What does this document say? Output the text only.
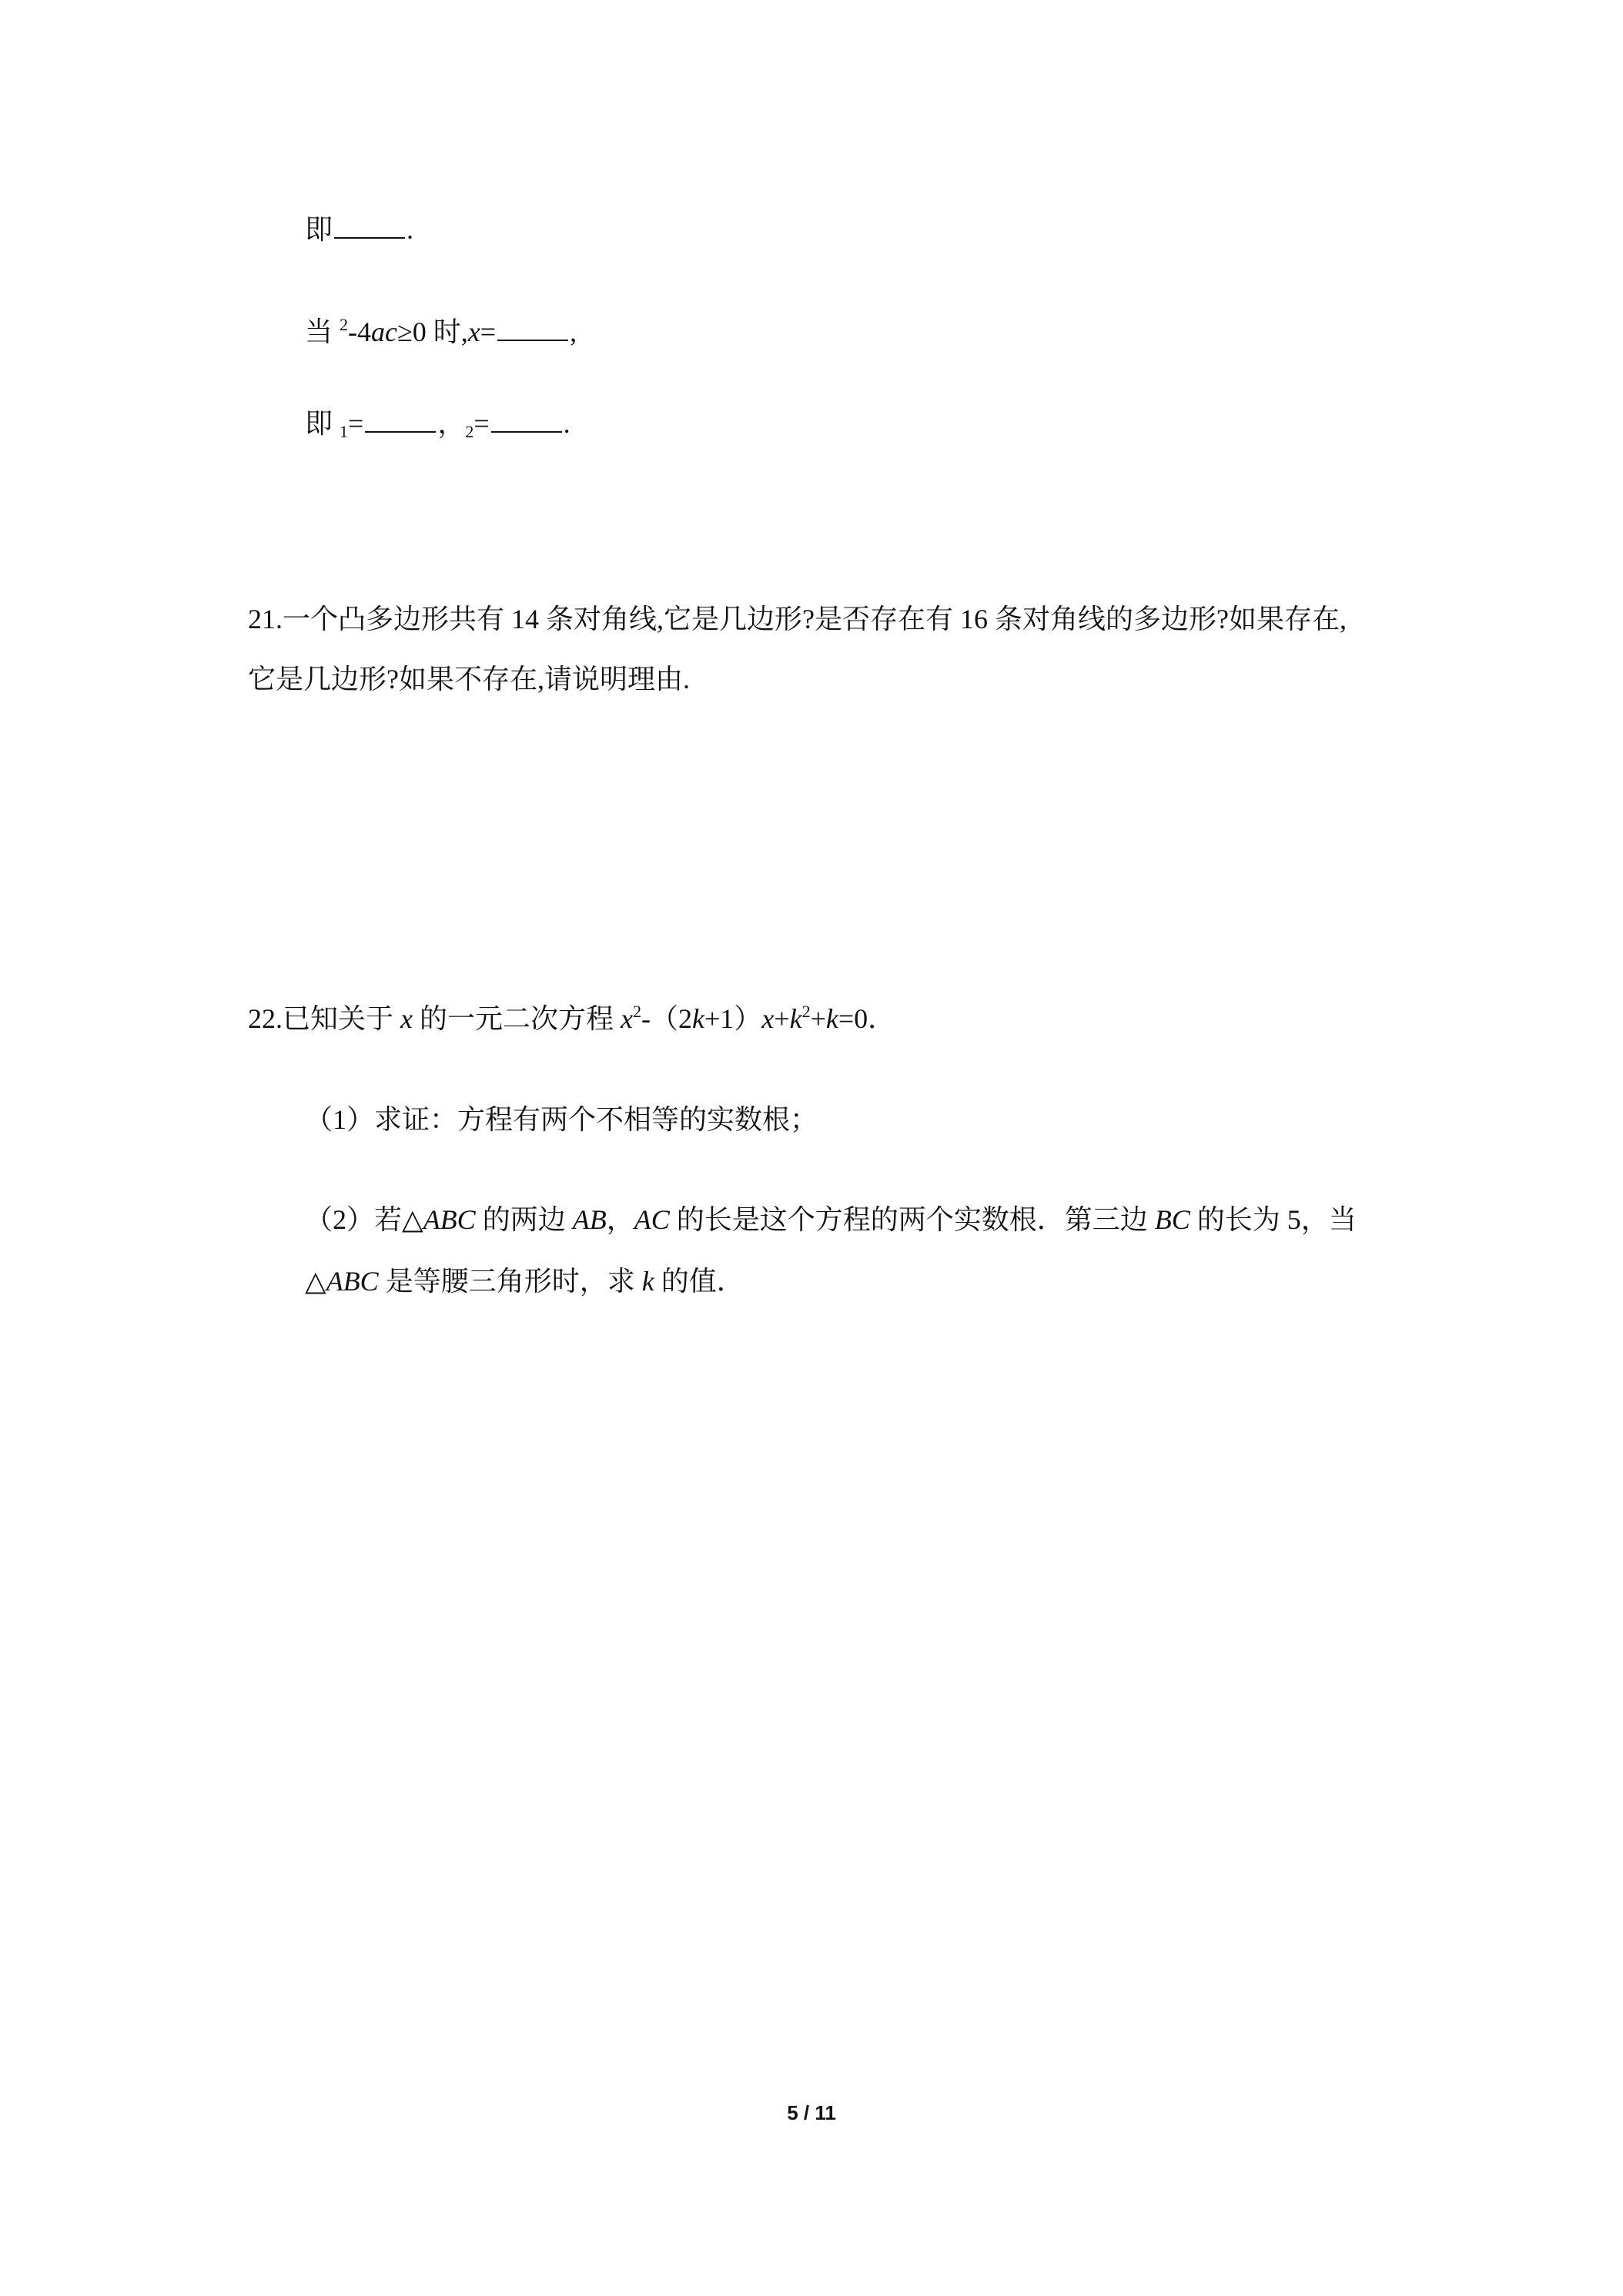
即	.
当 $^2$-4ac≥0 时,x=	,
即 $_1$=	，$_2$=	.
21.一个凸多边形共有 14 条对角线,它是几边形?是否存在有 16 条对角线的多边形?如果存在,
它是几边形?如果不存在,请说明理由.
22.已知关于 x 的一元二次方程 $x^2-(2k+1)x+k^2+k=0$．
（1）求证：方程有两个不相等的实数根；
（2）若△ABC 的两边 AB，AC 的长是这个方程的两个实数根．第三边 BC 的长为 5，当
△ABC 是等腰三角形时，求 k 的值．
5 / 11
